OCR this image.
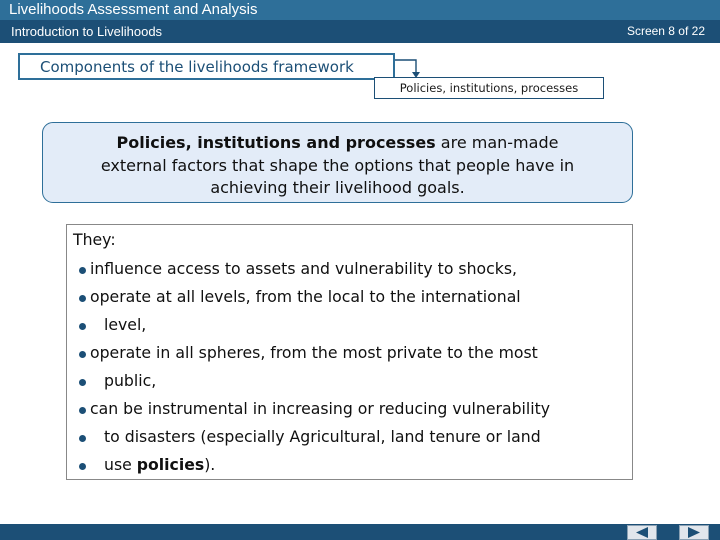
Livelihoods Assessment and Analysis
Introduction to Livelihoods	Screen 8 of 22
Components of the livelihoods framework
Policies, institutions, processes
Policies, institutions and processes are man-made
external factors that shape the options that people have in
achieving their livelihood goals.
They:
influence access to assets and vulnerability to shocks,
operate at all levels, from the local to the international
level,
operate in all spheres, from the most private to the most
public,
can be instrumental in increasing or reducing vulnerability
to disasters (especially Agricultural, land tenure or land
use policies).
